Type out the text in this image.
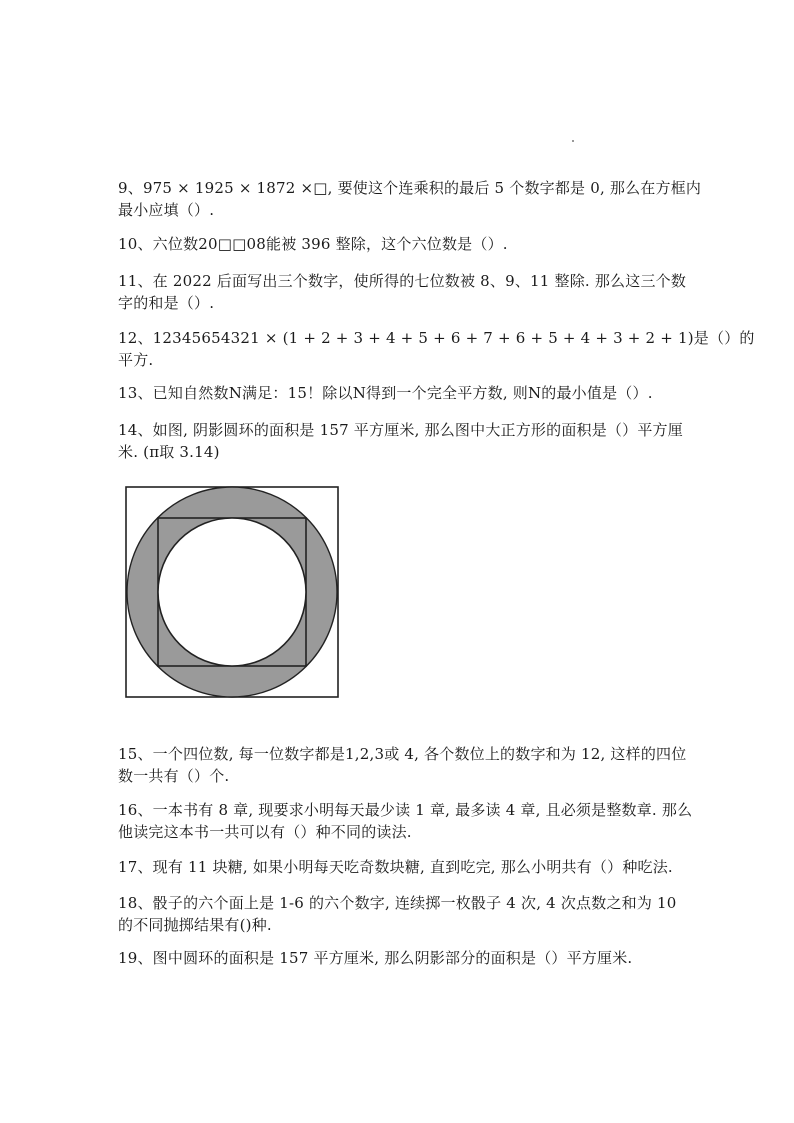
9、975 × 1925 × 1872 ×□, 要使这个连乘积的最后 5 个数字都是 0, 那么在方框内
最小应填（）.

10、六位数20□□08能被 396 整除，这个六位数是（）.

11、在 2022 后面写出三个数字，使所得的七位数被 8、9、11 整除. 那么这三个数
字的和是（）.

12、12345654321 × (1 + 2 + 3 + 4 + 5 + 6 + 7 + 6 + 5 + 4 + 3 + 2 + 1)是（）的
平方.

13、已知自然数N满足：15！除以N得到一个完全平方数, 则N的最小值是（）.

14、如图, 阴影圆环的面积是 157 平方厘米, 那么图中大正方形的面积是（）平方厘
米. (π取 3.14)

15、一个四位数, 每一位数字都是1,2,3或 4, 各个数位上的数字和为 12, 这样的四位
数一共有（）个.

16、一本书有 8 章, 现要求小明每天最少读 1 章, 最多读 4 章, 且必须是整数章. 那么
他读完这本书一共可以有（）种不同的读法.

17、现有 11 块糖, 如果小明每天吃奇数块糖, 直到吃完, 那么小明共有（）种吃法.

18、骰子的六个面上是 1-6 的六个数字, 连续掷一枚骰子 4 次, 4 次点数之和为 10
的不同抛掷结果有()种.

19、图中圆环的面积是 157 平方厘米, 那么阴影部分的面积是（）平方厘米.
